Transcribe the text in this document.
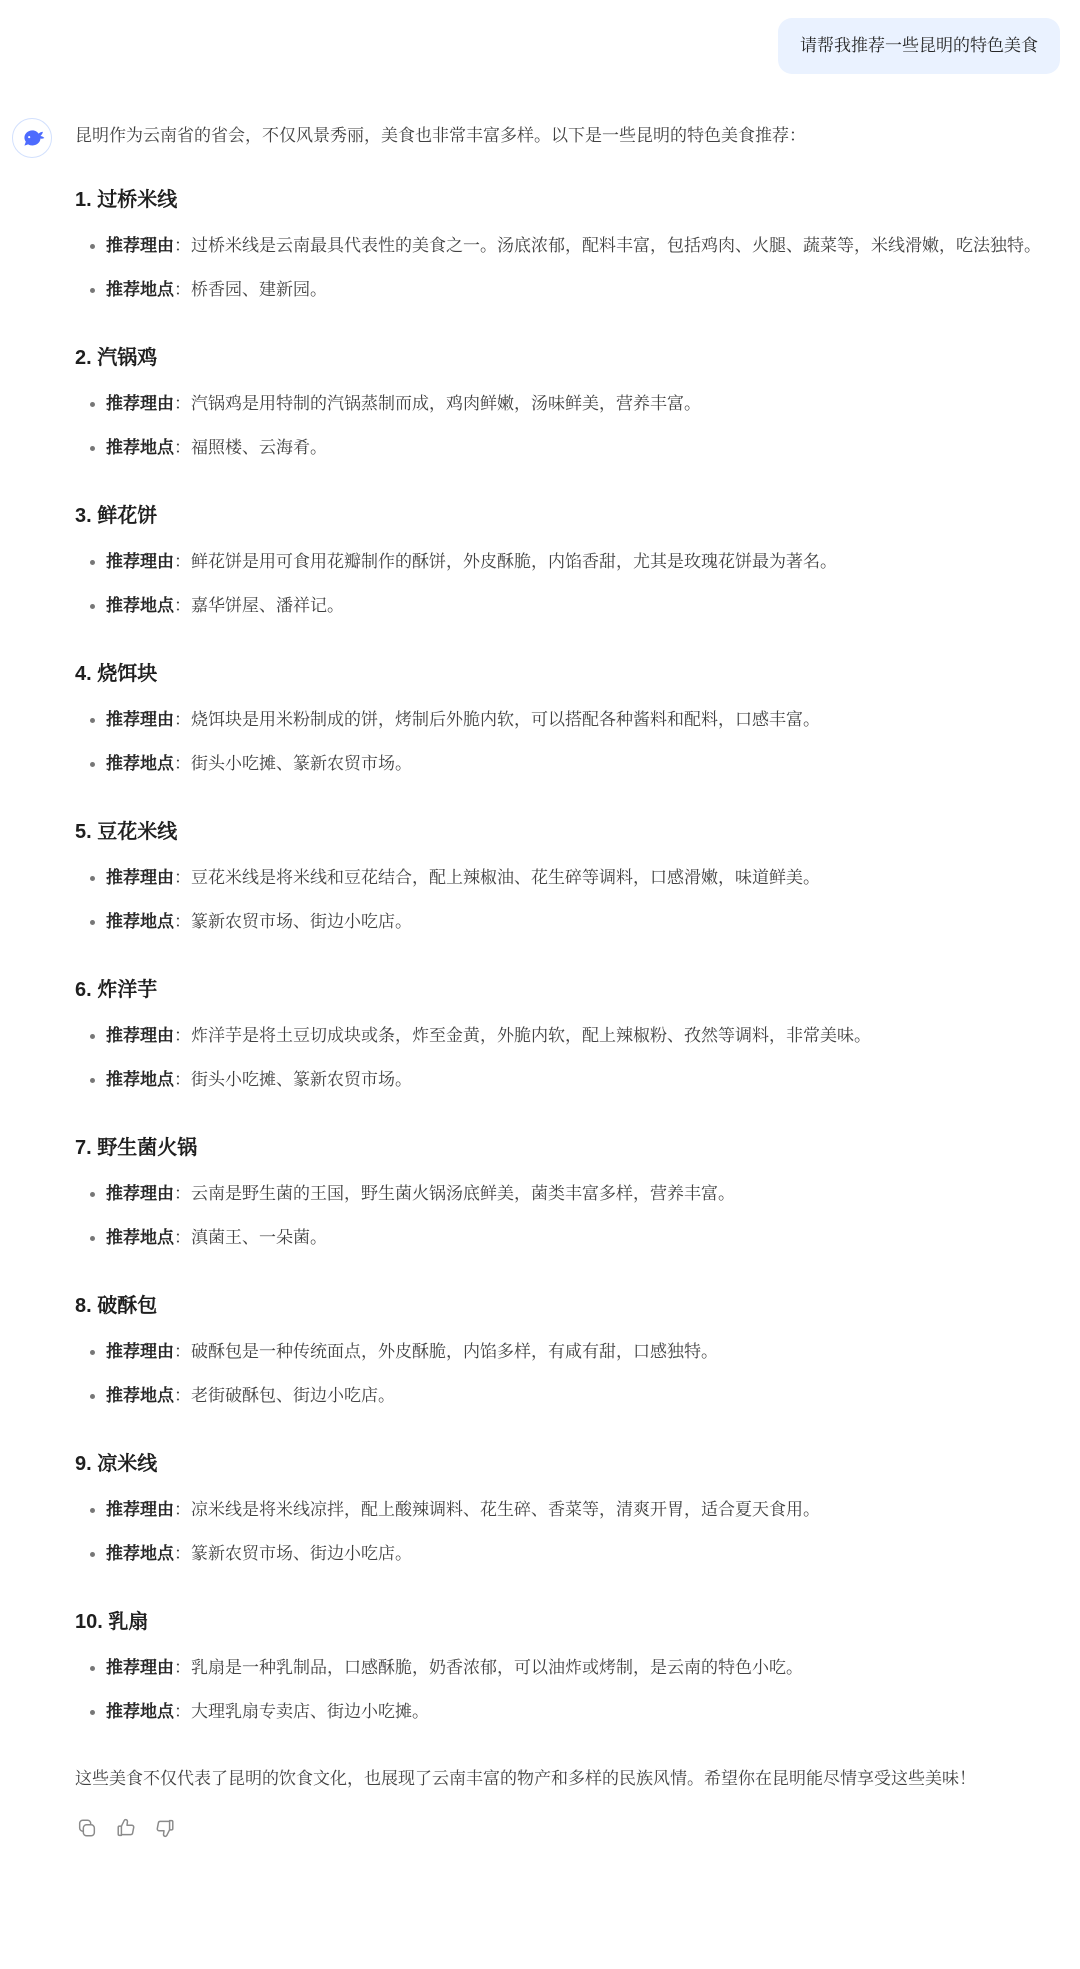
请帮我推荐一些昆明的特色美食

昆明作为云南省的省会，不仅风景秀丽，美食也非常丰富多样。以下是一些昆明的特色美食推荐：

1. 过桥米线
推荐理由：过桥米线是云南最具代表性的美食之一。汤底浓郁，配料丰富，包括鸡肉、火腿、蔬菜等，米线滑嫩，吃法独特。
推荐地点：桥香园、建新园。
2. 汽锅鸡
推荐理由：汽锅鸡是用特制的汽锅蒸制而成，鸡肉鲜嫩，汤味鲜美，营养丰富。
推荐地点：福照楼、云海肴。
3. 鲜花饼
推荐理由：鲜花饼是用可食用花瓣制作的酥饼，外皮酥脆，内馅香甜，尤其是玫瑰花饼最为著名。
推荐地点：嘉华饼屋、潘祥记。
4. 烧饵块
推荐理由：烧饵块是用米粉制成的饼，烤制后外脆内软，可以搭配各种酱料和配料，口感丰富。
推荐地点：街头小吃摊、篆新农贸市场。
5. 豆花米线
推荐理由：豆花米线是将米线和豆花结合，配上辣椒油、花生碎等调料，口感滑嫩，味道鲜美。
推荐地点：篆新农贸市场、街边小吃店。
6. 炸洋芋
推荐理由：炸洋芋是将土豆切成块或条，炸至金黄，外脆内软，配上辣椒粉、孜然等调料，非常美味。
推荐地点：街头小吃摊、篆新农贸市场。
7. 野生菌火锅
推荐理由：云南是野生菌的王国，野生菌火锅汤底鲜美，菌类丰富多样，营养丰富。
推荐地点：滇菌王、一朵菌。
8. 破酥包
推荐理由：破酥包是一种传统面点，外皮酥脆，内馅多样，有咸有甜，口感独特。
推荐地点：老街破酥包、街边小吃店。
9. 凉米线
推荐理由：凉米线是将米线凉拌，配上酸辣调料、花生碎、香菜等，清爽开胃，适合夏天食用。
推荐地点：篆新农贸市场、街边小吃店。
10. 乳扇
推荐理由：乳扇是一种乳制品，口感酥脆，奶香浓郁，可以油炸或烤制，是云南的特色小吃。
推荐地点：大理乳扇专卖店、街边小吃摊。

这些美食不仅代表了昆明的饮食文化，也展现了云南丰富的物产和多样的民族风情。希望你在昆明能尽情享受这些美味！
